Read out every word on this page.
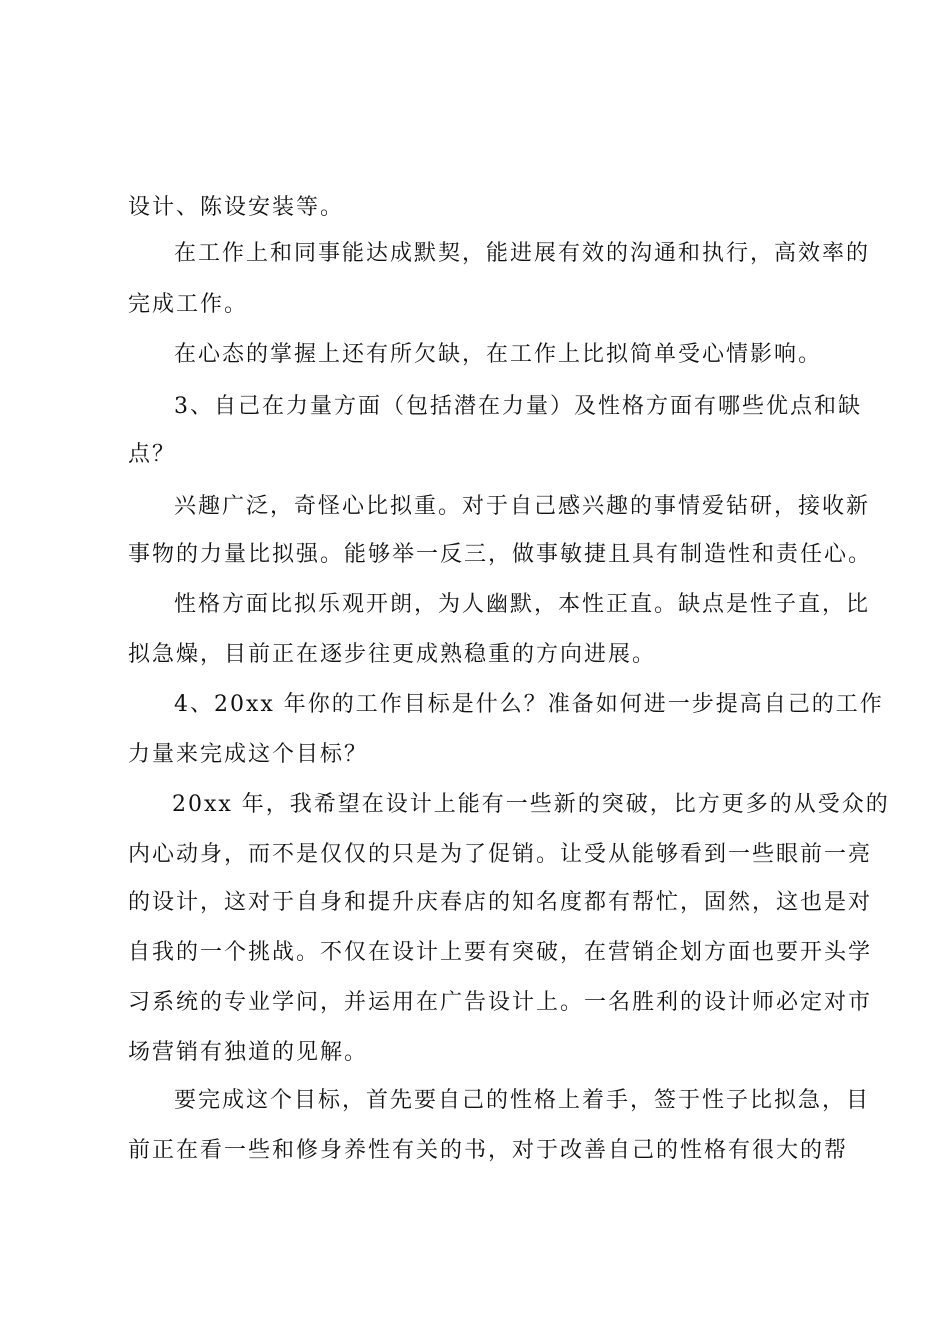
设计、陈设安装等。
在工作上和同事能达成默契，能进展有效的沟通和执行，高效率的
完成工作。
在心态的掌握上还有所欠缺，在工作上比拟简单受心情影响。
3、自己在力量方面（包括潜在力量）及性格方面有哪些优点和缺
点？
兴趣广泛，奇怪心比拟重。对于自己感兴趣的事情爱钻研，接收新
事物的力量比拟强。能够举一反三，做事敏捷且具有制造性和责任心。
性格方面比拟乐观开朗，为人幽默，本性正直。缺点是性子直，比
拟急燥，目前正在逐步往更成熟稳重的方向进展。
4、20xx 年你的工作目标是什么？准备如何进一步提高自己的工作
力量来完成这个目标？
20xx 年，我希望在设计上能有一些新的突破，比方更多的从受众的
内心动身，而不是仅仅的只是为了促销。让受从能够看到一些眼前一亮
的设计，这对于自身和提升庆春店的知名度都有帮忙，固然，这也是对
自我的一个挑战。不仅在设计上要有突破，在营销企划方面也要开头学
习系统的专业学问，并运用在广告设计上。一名胜利的设计师必定对市
场营销有独道的见解。
要完成这个目标，首先要自己的性格上着手，签于性子比拟急，目
前正在看一些和修身养性有关的书，对于改善自己的性格有很大的帮
